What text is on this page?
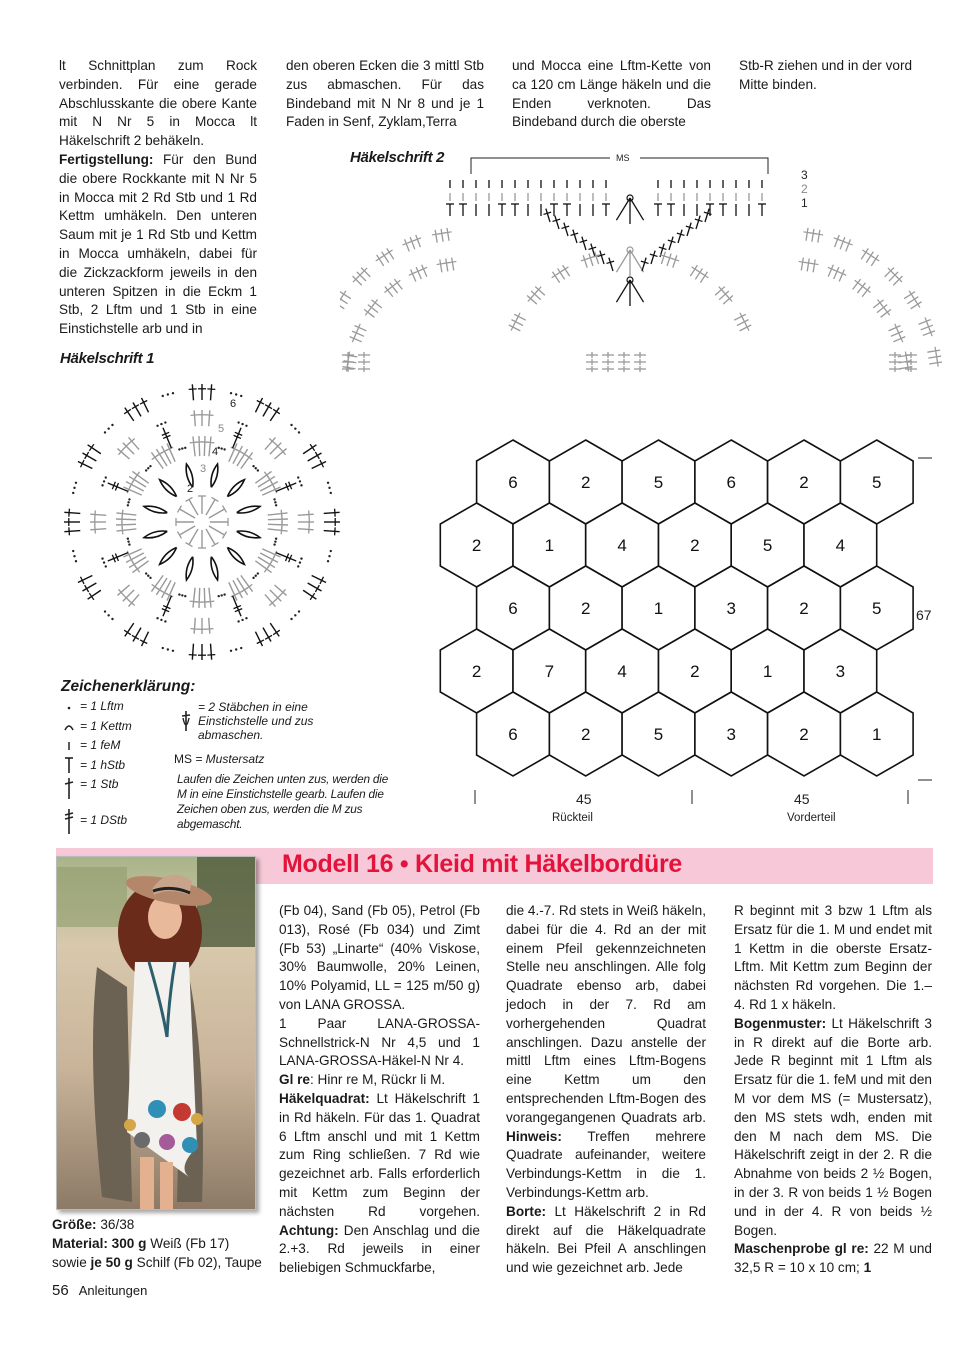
lt Schnittplan zum Rock verbinden. Für eine gerade Abschlusskante die obere Kante mit N Nr 5 in Mocca lt Häkelschrift 2 behäkeln.

Fertigstellung: Für den Bund die obere Rockkante mit N Nr 5 in Mocca mit 2 Rd Stb und 1 Rd Kettm umhäkeln. Den unteren Saum mit je 1 Rd Stb und Kettm in Mocca umhäkeln, dabei für die Zickzackform jeweils in den unteren Spitzen in die Eckm 1 Stb, 2 Lftm und 1 Stb in eine Einstichstelle arb und in

den oberen Ecken die 3 mittl Stb zus abmaschen. Für das Bindeband mit N Nr 8 und je 1 Faden in Senf, Zyklam,Terra

und Mocca eine Lftm-Kette von ca 120 cm Länge häkeln und die Enden verknoten. Das Bindeband durch die oberste

Stb-R ziehen und in der vord Mitte binden.

Häkelschrift 2	MS
3
2
1
Häkelschrift 1
2
3
4
5
6
Zeichenerklärung:
= 1 Lftm
= 1 Kettm
= 1 feM
= 1 hStb
= 1 Stb
= 1 DStb
= 2 Stäbchen in eine Einstichstelle und zus abmaschen.
MS = Mustersatz
Laufen die Zeichen unten zus, werden die M in eine Einstichstelle gearb. Laufen die Zeichen oben zus, werden die M zus abgemascht.
6	2	5	6	2	5
2	1	4	2	5	4
6	2	1	3	2	5
2	7	4	2	1	3
6	2	5	3	2	1
67
45
Rückteil
45
Vorderteil
Modell 16 • Kleid mit Häkelbordüre

Größe: 36/38

Material: 300 g Weiß (Fb 17) sowie je 50 g Schilf (Fb 02), Taupe

(Fb 04), Sand (Fb 05), Petrol (Fb 013), Rosé (Fb 034) und Zimt (Fb 53) „Linarte“ (40% Viskose, 30% Baumwolle, 20% Leinen, 10% Polyamid, LL = 125 m/50 g) von LANA GROSSA.

1 Paar LANA-GROSSA-Schnellstrick-N Nr 4,5 und 1 LANA-GROSSA-Häkel-N Nr 4.

Gl re: Hinr re M, Rückr li M.

Häkelquadrat: Lt Häkelschrift 1 in Rd häkeln. Für das 1. Quadrat 6 Lftm anschl und mit 1 Kettm zum Ring schließen. 7 Rd wie gezeichnet arb. Falls erforderlich mit Kettm zum Beginn der nächsten Rd vorgehen. Achtung: Den Anschlag und die 2.+3. Rd jeweils in einer beliebigen Schmuckfarbe,

die 4.-7. Rd stets in Weiß häkeln, dabei für die 4. Rd an der mit einem Pfeil gekennzeichneten Stelle neu anschlingen. Alle folg Quadrate ebenso arb, dabei jedoch in der 7. Rd am vorhergehenden Quadrat anschlingen. Dazu anstelle der mittl Lftm eines Lftm-Bogens eine Kettm um den entsprechenden Lftm-Bogen des vorangegangenen Quadrats arb. Hinweis: Treffen mehrere Quadrate aufeinander, weitere Verbindungs-Kettm in die 1. Verbindungs-Kettm arb.

Borte: Lt Häkelschrift 2 in Rd direkt auf die Häkelquadrate häkeln. Bei Pfeil A anschlingen und wie gezeichnet arb. Jede

R beginnt mit 3 bzw 1 Lftm als Ersatz für die 1. M und endet mit 1 Kettm in die oberste Ersatz-Lftm. Mit Kettm zum Beginn der nächsten Rd vorgehen. Die 1.–4. Rd 1 x häkeln.

Bogenmuster: Lt Häkelschrift 3 in R direkt auf die Borte arb. Jede R beginnt mit 1 Lftm als Ersatz für die 1. feM und mit den M vor dem MS (= Mustersatz), den MS stets wdh, enden mit den M nach dem MS. Die Häkelschrift zeigt in der 2. R die Abnahme von beids 2 ½ Bogen, in der 3. R von beids 1 ½ Bogen und in der 4. R von beids ½ Bogen.

Maschenprobe gl re: 22 M und 32,5 R = 10 x 10 cm; 1

56 Anleitungen
